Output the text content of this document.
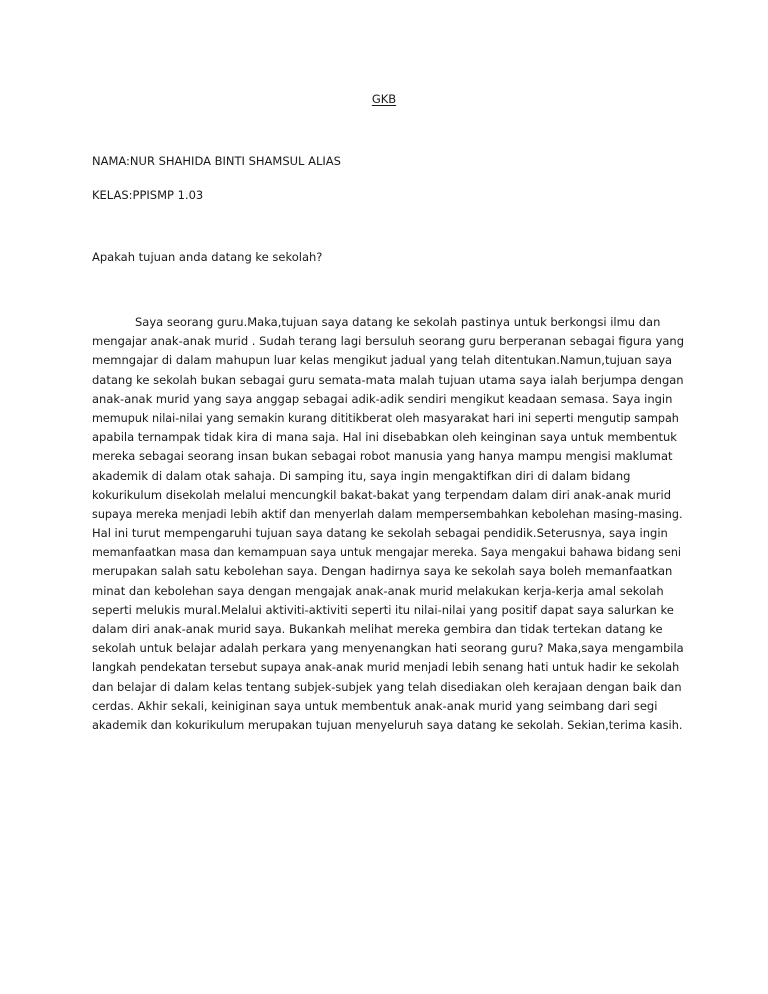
GKB
NAMA:NUR SHAHIDA BINTI SHAMSUL ALIAS
KELAS:PPISMP 1.03
Apakah tujuan anda datang ke sekolah?
Saya seorang guru.Maka,tujuan saya datang ke sekolah pastinya untuk berkongsi ilmu dan
mengajar anak-anak murid . Sudah terang lagi bersuluh seorang guru berperanan sebagai figura yang
memngajar di dalam mahupun luar kelas mengikut jadual yang telah ditentukan.Namun,tujuan saya
datang ke sekolah bukan sebagai guru semata-mata malah tujuan utama saya ialah berjumpa dengan
anak-anak murid yang saya anggap sebagai adik-adik sendiri mengikut keadaan semasa. Saya ingin
memupuk nilai-nilai yang semakin kurang dititikberat oleh masyarakat hari ini seperti mengutip sampah
apabila ternampak tidak kira di mana saja. Hal ini disebabkan oleh keinginan saya untuk membentuk
mereka sebagai seorang insan bukan sebagai robot manusia yang hanya mampu mengisi maklumat
akademik di dalam otak sahaja. Di samping itu, saya ingin mengaktifkan diri di dalam bidang
kokurikulum disekolah melalui mencungkil bakat-bakat yang terpendam dalam diri anak-anak murid
supaya mereka menjadi lebih aktif dan menyerlah dalam mempersembahkan kebolehan masing-masing.
Hal ini turut mempengaruhi tujuan saya datang ke sekolah sebagai pendidik.Seterusnya, saya ingin
memanfaatkan masa dan kemampuan saya untuk mengajar mereka. Saya mengakui bahawa bidang seni
merupakan salah satu kebolehan saya. Dengan hadirnya saya ke sekolah saya boleh memanfaatkan
minat dan kebolehan saya dengan mengajak anak-anak murid melakukan kerja-kerja amal sekolah
seperti melukis mural.Melalui aktiviti-aktiviti seperti itu nilai-nilai yang positif dapat saya salurkan ke
dalam diri anak-anak murid saya. Bukankah melihat mereka gembira dan tidak tertekan datang ke
sekolah untuk belajar adalah perkara yang menyenangkan hati seorang guru? Maka,saya mengambila
langkah pendekatan tersebut supaya anak-anak murid menjadi lebih senang hati untuk hadir ke sekolah
dan belajar di dalam kelas tentang subjek-subjek yang telah disediakan oleh kerajaan dengan baik dan
cerdas. Akhir sekali, keiniginan saya untuk membentuk anak-anak murid yang seimbang dari segi
akademik dan kokurikulum merupakan tujuan menyeluruh saya datang ke sekolah. Sekian,terima kasih.
